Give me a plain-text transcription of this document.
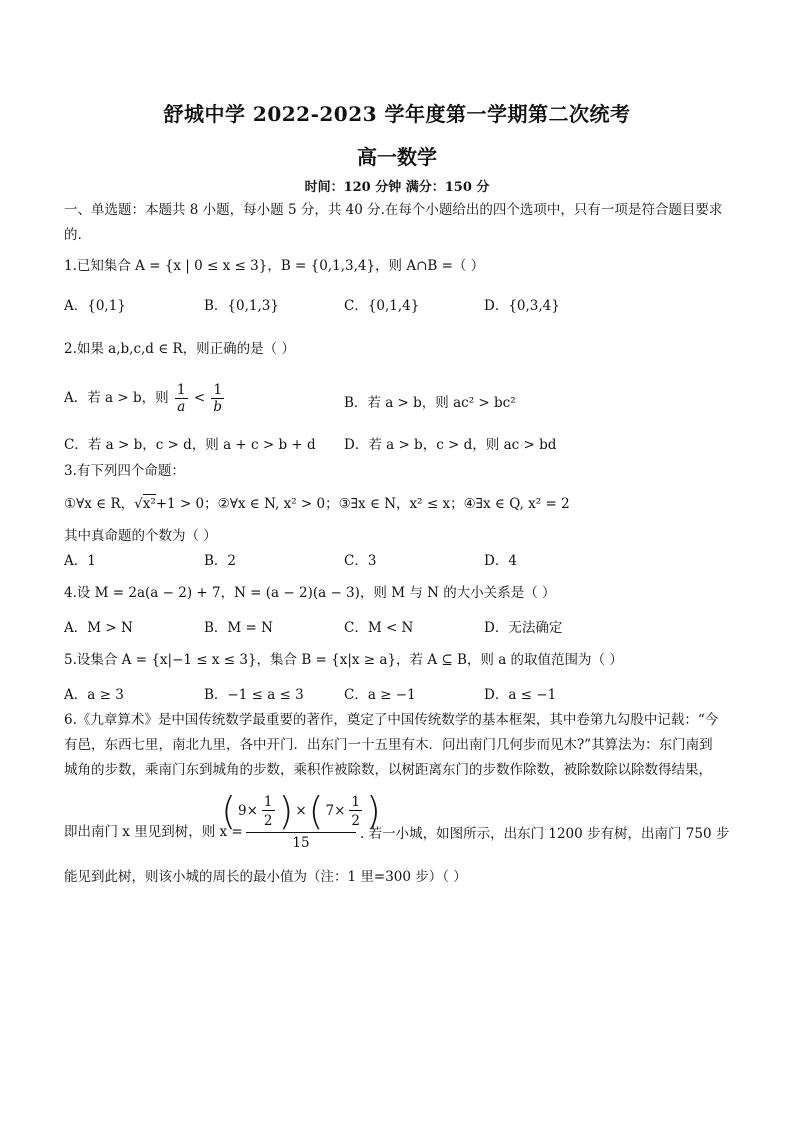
舒城中学 2022-2023 学年度第一学期第二次统考
高一数学
时间：120 分钟 满分：150 分
一、单选题：本题共 8 小题，每小题 5 分，共 40 分.在每个小题给出的四个选项中，只有一项是符合题目要求
的.
1.已知集合 A = {x | 0 ≤ x ≤ 3}，B = {0,1,3,4}，则 A∩B =（ ）
A．{0,1}	B．{0,1,3}	C．{0,1,4}	D．{0,3,4}
2.如果 a,b,c,d ∈ R，则正确的是（ ）
A．若 a > b，则 $\frac{1}{a} < \frac{1}{b}$	B．若 a > b，则 ac² > bc²
C．若 a > b，c > d，则 a + c > b + d D．若 a > b，c > d，则 ac > bd
3.有下列四个命题：
①∀x ∈ R，√x²+1 > 0；②∀x ∈ N, x² > 0；③∃x ∈ N，x² ≤ x；④∃x ∈ Q, x² = 2
其中真命题的个数为（ ）
A．1	B．2	C．3	D．4
4.设 M = 2a(a − 2) + 7，N = (a − 2)(a − 3)，则 M 与 N 的大小关系是（ ）
A．M > N	B．M = N	C．M < N	D．无法确定
5.设集合 A = {x|−1 ≤ x ≤ 3}，集合 B = {x|x ≥ a}，若 A ⊆ B，则 a 的取值范围为（ ）
A．a ≥ 3	B．−1 ≤ a ≤ 3	C．a ≥ −1	D．a ≤ −1
6.《九章算术》是中国传统数学最重要的著作，奠定了中国传统数学的基本框架，其中卷第九勾股中记载：“今
有邑，东西七里，南北九里，各中开门．出东门一十五里有木．问出南门几何步而见木?”其算法为：东门南到
城角的步数，乘南门东到城角的步数，乘积作被除数，以树距离东门的步数作除数，被除数除以除数得结果，
即出南门 x 里见到树，则 x =
( $9\times \frac{1}{2}$ ) × ( $7\times \frac{1}{2}$ )
15
. 若一小城，如图所示，出东门 1200 步有树，出南门 750 步
能见到此树，则该小城的周长的最小值为（注：1 里=300 步）（ ）
